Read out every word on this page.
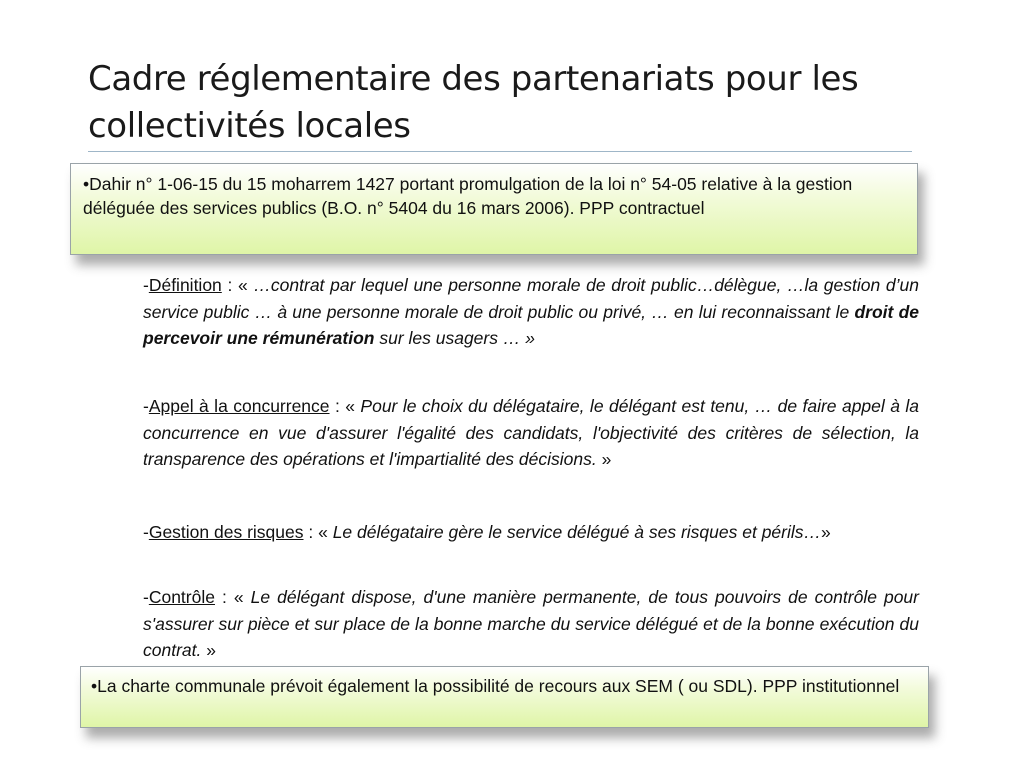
Cadre réglementaire des partenariats pour les collectivités locales
•Dahir n° 1-06-15 du 15 moharrem 1427 portant promulgation de la loi n° 54-05 relative à la gestion déléguée des services publics (B.O. n° 5404 du 16 mars 2006). PPP contractuel
-Définition : « …contrat par lequel une personne morale de droit public…délègue, …la gestion d’un service public … à une personne morale de droit public ou privé, … en lui reconnaissant le droit de percevoir une rémunération sur les usagers … »
-Appel à la concurrence : « Pour le choix du délégataire, le délégant est tenu, … de faire appel à la concurrence en vue d'assurer l'égalité des candidats, l'objectivité des critères de sélection, la transparence des opérations et l'impartialité des décisions. »
-Gestion des risques : « Le délégataire gère le service délégué à ses risques et périls…»
-Contrôle : « Le délégant dispose, d'une manière permanente, de tous pouvoirs de contrôle pour s'assurer sur pièce et sur place de la bonne marche du service délégué et de la bonne exécution du contrat. »
•La charte communale prévoit également la possibilité de recours aux SEM ( ou SDL). PPP institutionnel
